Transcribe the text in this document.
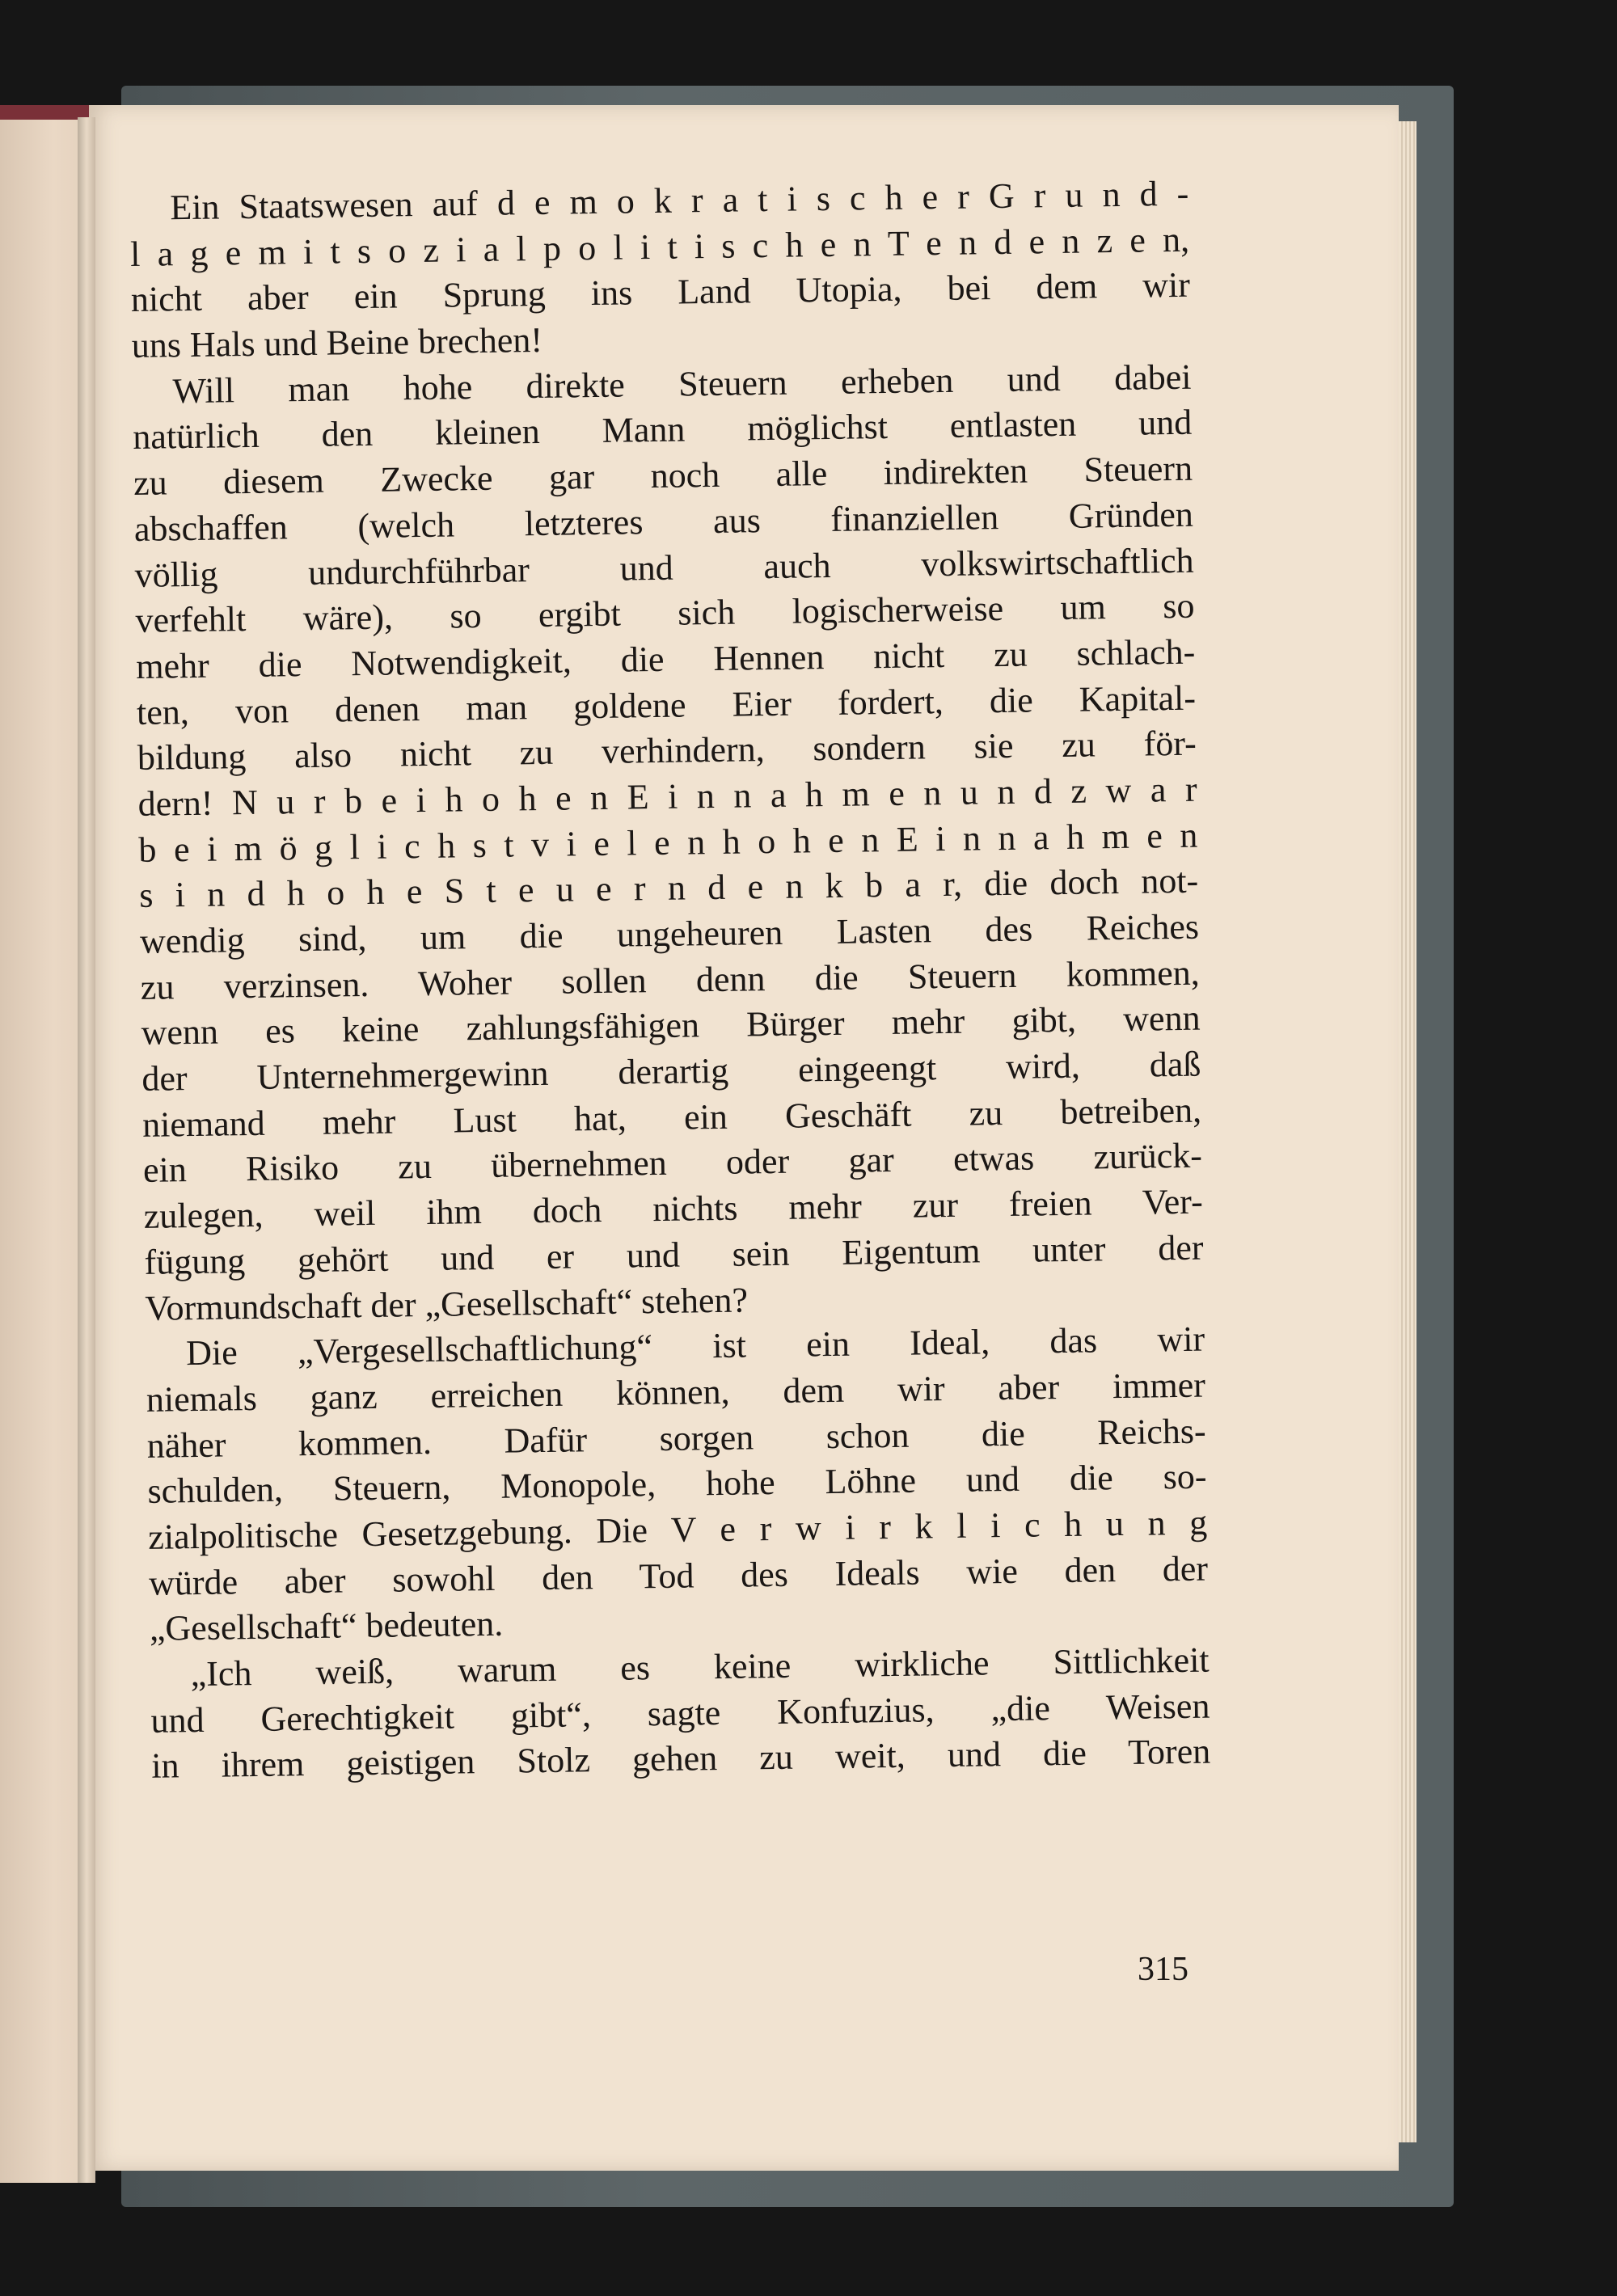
Ein Staatswesen auf d e m o k r a t i s c h e r G r u n d -

l a g e m i t s o z i a l p o l i t i s c h e n T e n d e n z e n,

nicht aber ein Sprung ins Land Utopia, bei dem wir

uns Hals und Beine brechen!

Will man hohe direkte Steuern erheben und dabei

natürlich den kleinen Mann möglichst entlasten und

zu diesem Zwecke gar noch alle indirekten Steuern

abschaffen (welch letzteres aus finanziellen Gründen

völlig undurchführbar und auch volkswirtschaftlich

verfehlt wäre), so ergibt sich logischerweise um so

mehr die Notwendigkeit, die Hennen nicht zu schlach-

ten, von denen man goldene Eier fordert, die Kapital-

bildung also nicht zu verhindern, sondern sie zu för-

dern! N u r b e i h o h e n E i n n a h m e n u n d z w a r

b e i m ö g l i c h s t v i e l e n h o h e n E i n n a h m e n

s i n d h o h e S t e u e r n d e n k b a r, die doch not-

wendig sind, um die ungeheuren Lasten des Reiches

zu verzinsen. Woher sollen denn die Steuern kommen,

wenn es keine zahlungsfähigen Bürger mehr gibt, wenn

der Unternehmergewinn derartig eingeengt wird, daß

niemand mehr Lust hat, ein Geschäft zu betreiben,

ein Risiko zu übernehmen oder gar etwas zurück-

zulegen, weil ihm doch nichts mehr zur freien Ver-

fügung gehört und er und sein Eigentum unter der

Vormundschaft der „Gesellschaft“ stehen?

Die „Vergesellschaftlichung“ ist ein Ideal, das wir

niemals ganz erreichen können, dem wir aber immer

näher kommen. Dafür sorgen schon die Reichs-

schulden, Steuern, Monopole, hohe Löhne und die so-

zialpolitische Gesetzgebung. Die V e r w i r k l i c h u n g

würde aber sowohl den Tod des Ideals wie den der

„Gesellschaft“ bedeuten.

„Ich weiß, warum es keine wirkliche Sittlichkeit

und Gerechtigkeit gibt“, sagte Konfuzius, „die Weisen

in ihrem geistigen Stolz gehen zu weit, und die Toren

315
